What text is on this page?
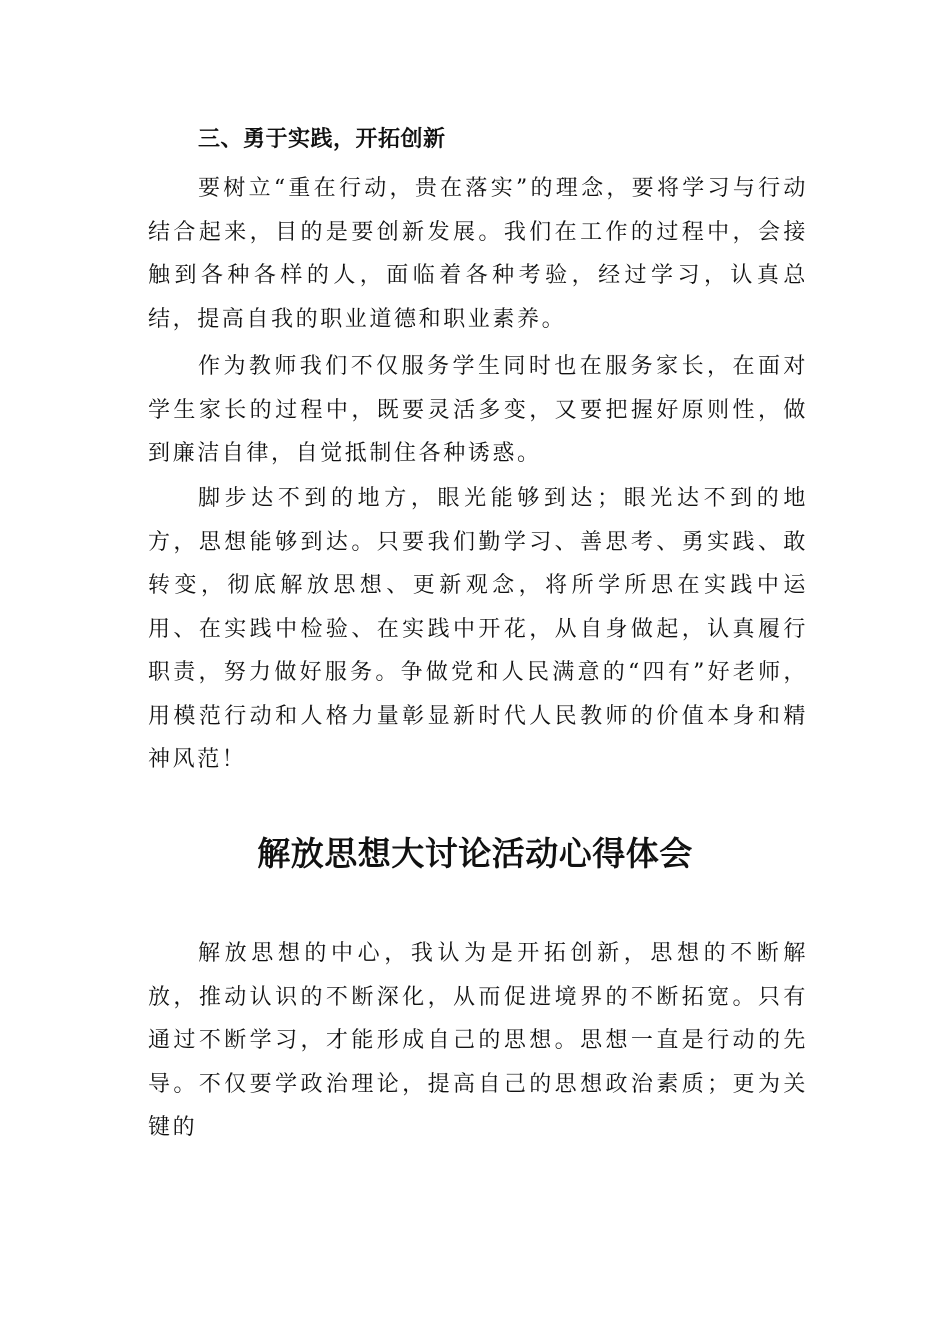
三、勇于实践，开拓创新

要树立“重在行动，贵在落实”的理念，要将学习与行动结合起来，目的是要创新发展。我们在工作的过程中，会接触到各种各样的人，面临着各种考验，经过学习，认真总结，提高自我的职业道德和职业素养。

作为教师我们不仅服务学生同时也在服务家长，在面对学生家长的过程中，既要灵活多变，又要把握好原则性，做到廉洁自律，自觉抵制住各种诱惑。

脚步达不到的地方，眼光能够到达；眼光达不到的地方，思想能够到达。只要我们勤学习、善思考、勇实践、敢转变，彻底解放思想、更新观念，将所学所思在实践中运用、在实践中检验、在实践中开花，从自身做起，认真履行职责，努力做好服务。争做党和人民满意的“四有”好老师，用模范行动和人格力量彰显新时代人民教师的价值本身和精神风范！

解放思想大讨论活动心得体会

解放思想的中心，我认为是开拓创新，思想的不断解放，推动认识的不断深化，从而促进境界的不断拓宽。只有通过不断学习，才能形成自己的思想。思想一直是行动的先导。不仅要学政治理论，提高自己的思想政治素质；更为关键的
